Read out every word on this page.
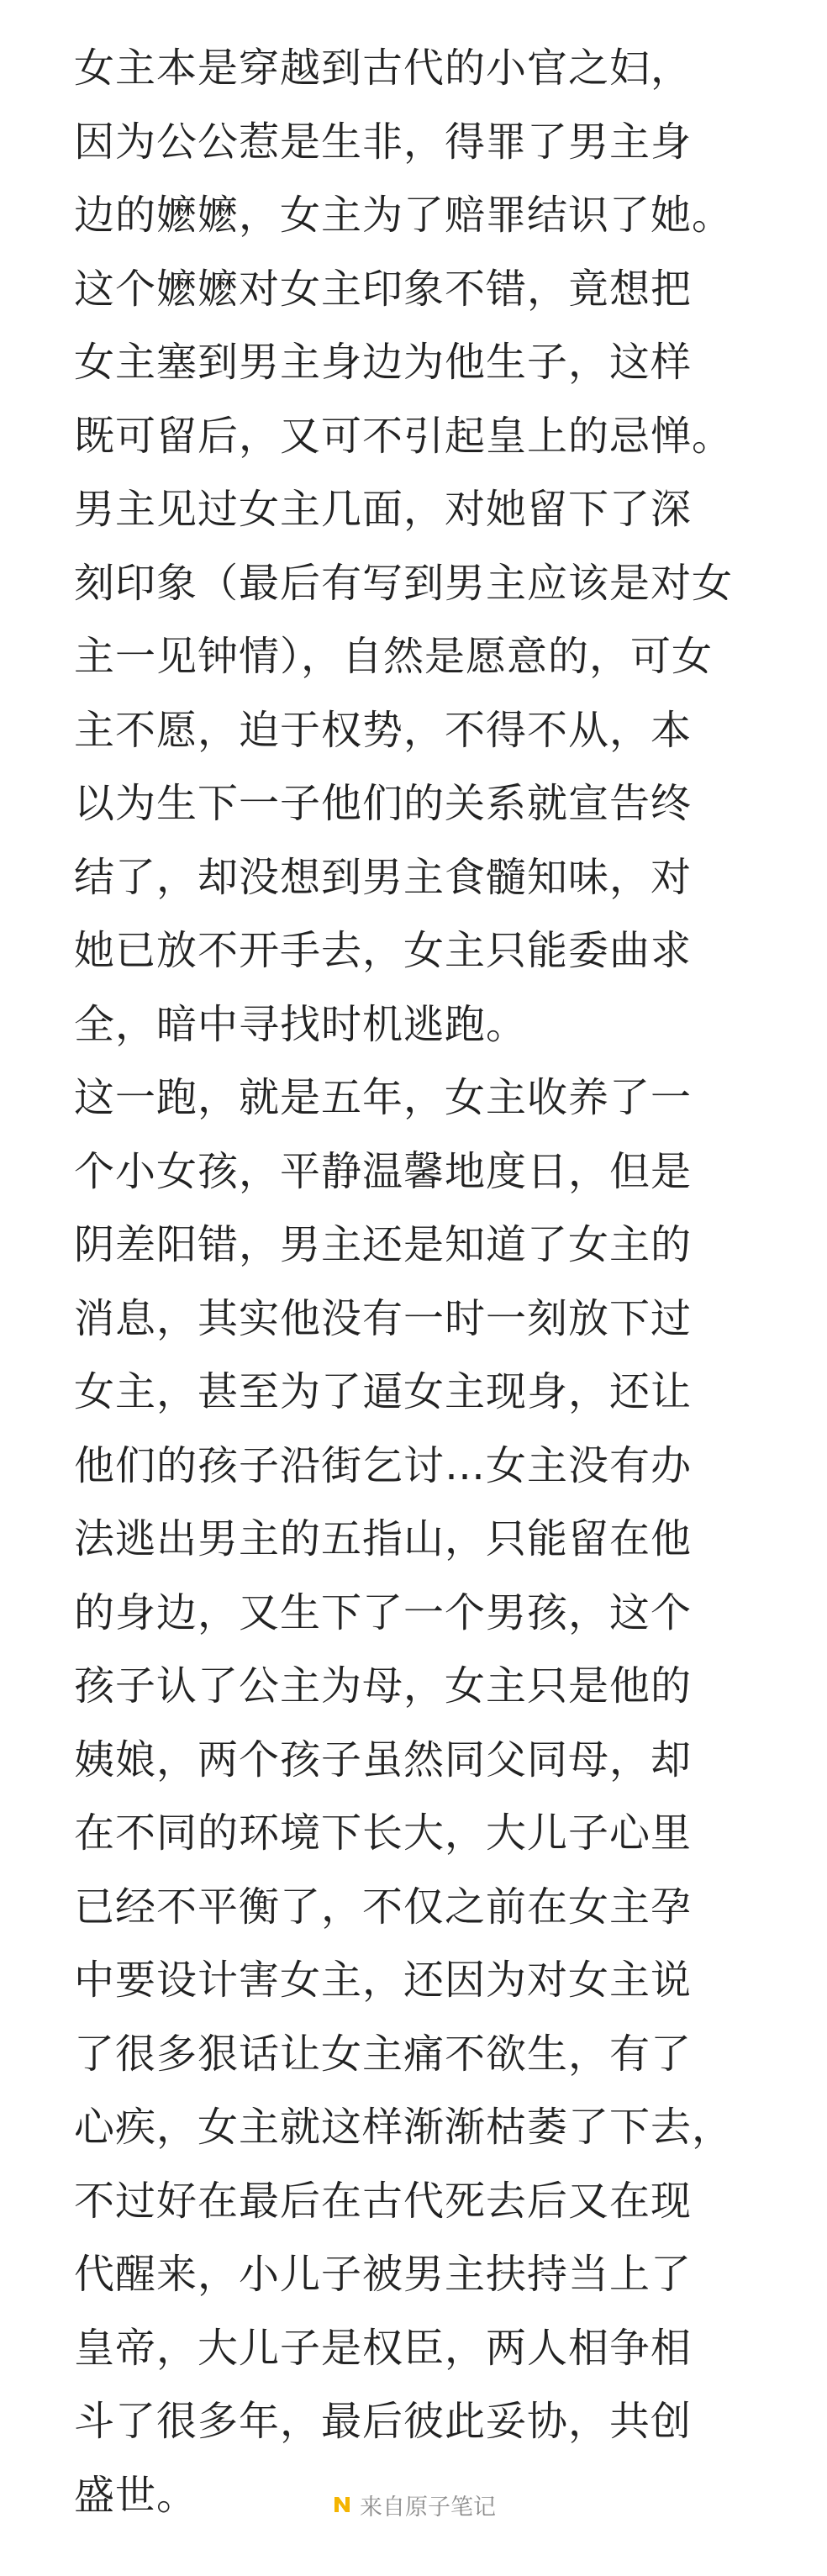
女主本是穿越到古代的小官之妇，
因为公公惹是生非，得罪了男主身
边的嬷嬷，女主为了赔罪结识了她。
这个嬷嬷对女主印象不错，竟想把
女主塞到男主身边为他生子，这样
既可留后，又可不引起皇上的忌惮。
男主见过女主几面，对她留下了深
刻印象（最后有写到男主应该是对女
主一见钟情），自然是愿意的，可女
主不愿，迫于权势，不得不从，本
以为生下一子他们的关系就宣告终
结了，却没想到男主食髓知味，对
她已放不开手去，女主只能委曲求
全，暗中寻找时机逃跑。
这一跑，就是五年，女主收养了一
个小女孩，平静温馨地度日，但是
阴差阳错，男主还是知道了女主的
消息，其实他没有一时一刻放下过
女主，甚至为了逼女主现身，还让
他们的孩子沿街乞讨…女主没有办
法逃出男主的五指山，只能留在他
的身边，又生下了一个男孩，这个
孩子认了公主为母，女主只是他的
姨娘，两个孩子虽然同父同母，却
在不同的环境下长大，大儿子心里
已经不平衡了，不仅之前在女主孕
中要设计害女主，还因为对女主说
了很多狠话让女主痛不欲生，有了
心疾，女主就这样渐渐枯萎了下去，
不过好在最后在古代死去后又在现
代醒来，小儿子被男主扶持当上了
皇帝，大儿子是权臣，两人相争相
斗了很多年，最后彼此妥协，共创
盛世。	来自原子笔记
